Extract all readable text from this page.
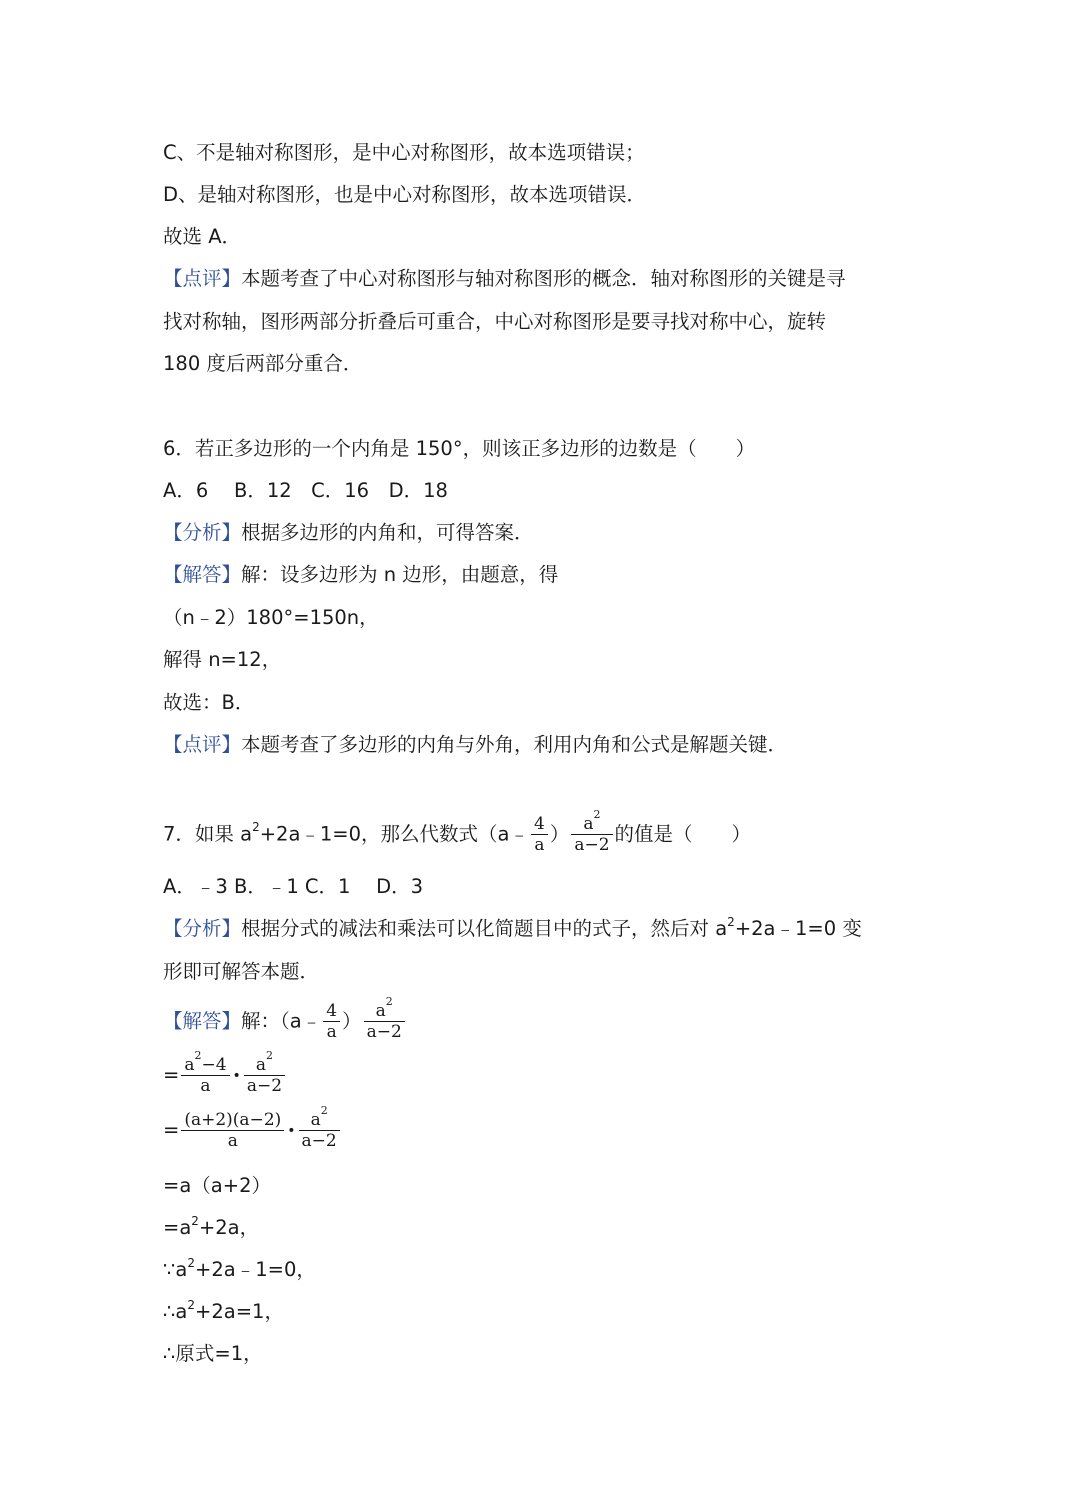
C、不是轴对称图形，是中心对称图形，故本选项错误；
D、是轴对称图形，也是中心对称图形，故本选项错误．
故选 A．
【点评】本题考查了中心对称图形与轴对称图形的概念．轴对称图形的关键是寻
找对称轴，图形两部分折叠后可重合，中心对称图形是要寻找对称中心，旋转
180 度后两部分重合．
6．若正多边形的一个内角是 150°，则该正多边形的边数是（　　）
A．6　 B．12　C．16　D．18
【分析】根据多边形的内角和，可得答案．
【解答】解：设多边形为 n 边形，由题意，得
（n﹣2）180°=150n，
解得 n=12，
故选：B．
【点评】本题考查了多边形的内角与外角，利用内角和公式是解题关键．
7．如果 $a^2+2a﹣1=0$，那么代数式（a﹣ $\frac{4}{a}$ ） $\frac{a^2}{a-2}$ 的值是（　　）
A．﹣3 B．﹣1 C．1　 D．3
【分析】根据分式的减法和乘法可以化简题目中的式子，然后对 $a^2+2a﹣1=0$ 变
形即可解答本题．
【解答】解：（a﹣ $\frac{4}{a}$ ） $\frac{a^2}{a-2}$
= $\frac{a^2-4}{a}$ • $\frac{a^2}{a-2}$
= $\frac{(a+2)(a-2)}{a}$ • $\frac{a^2}{a-2}$
=a（a+2）
$=a^2+2a$，
$\because a^2+2a﹣1=0$，
$\therefore a^2+2a=1$，
∴原式=1，
